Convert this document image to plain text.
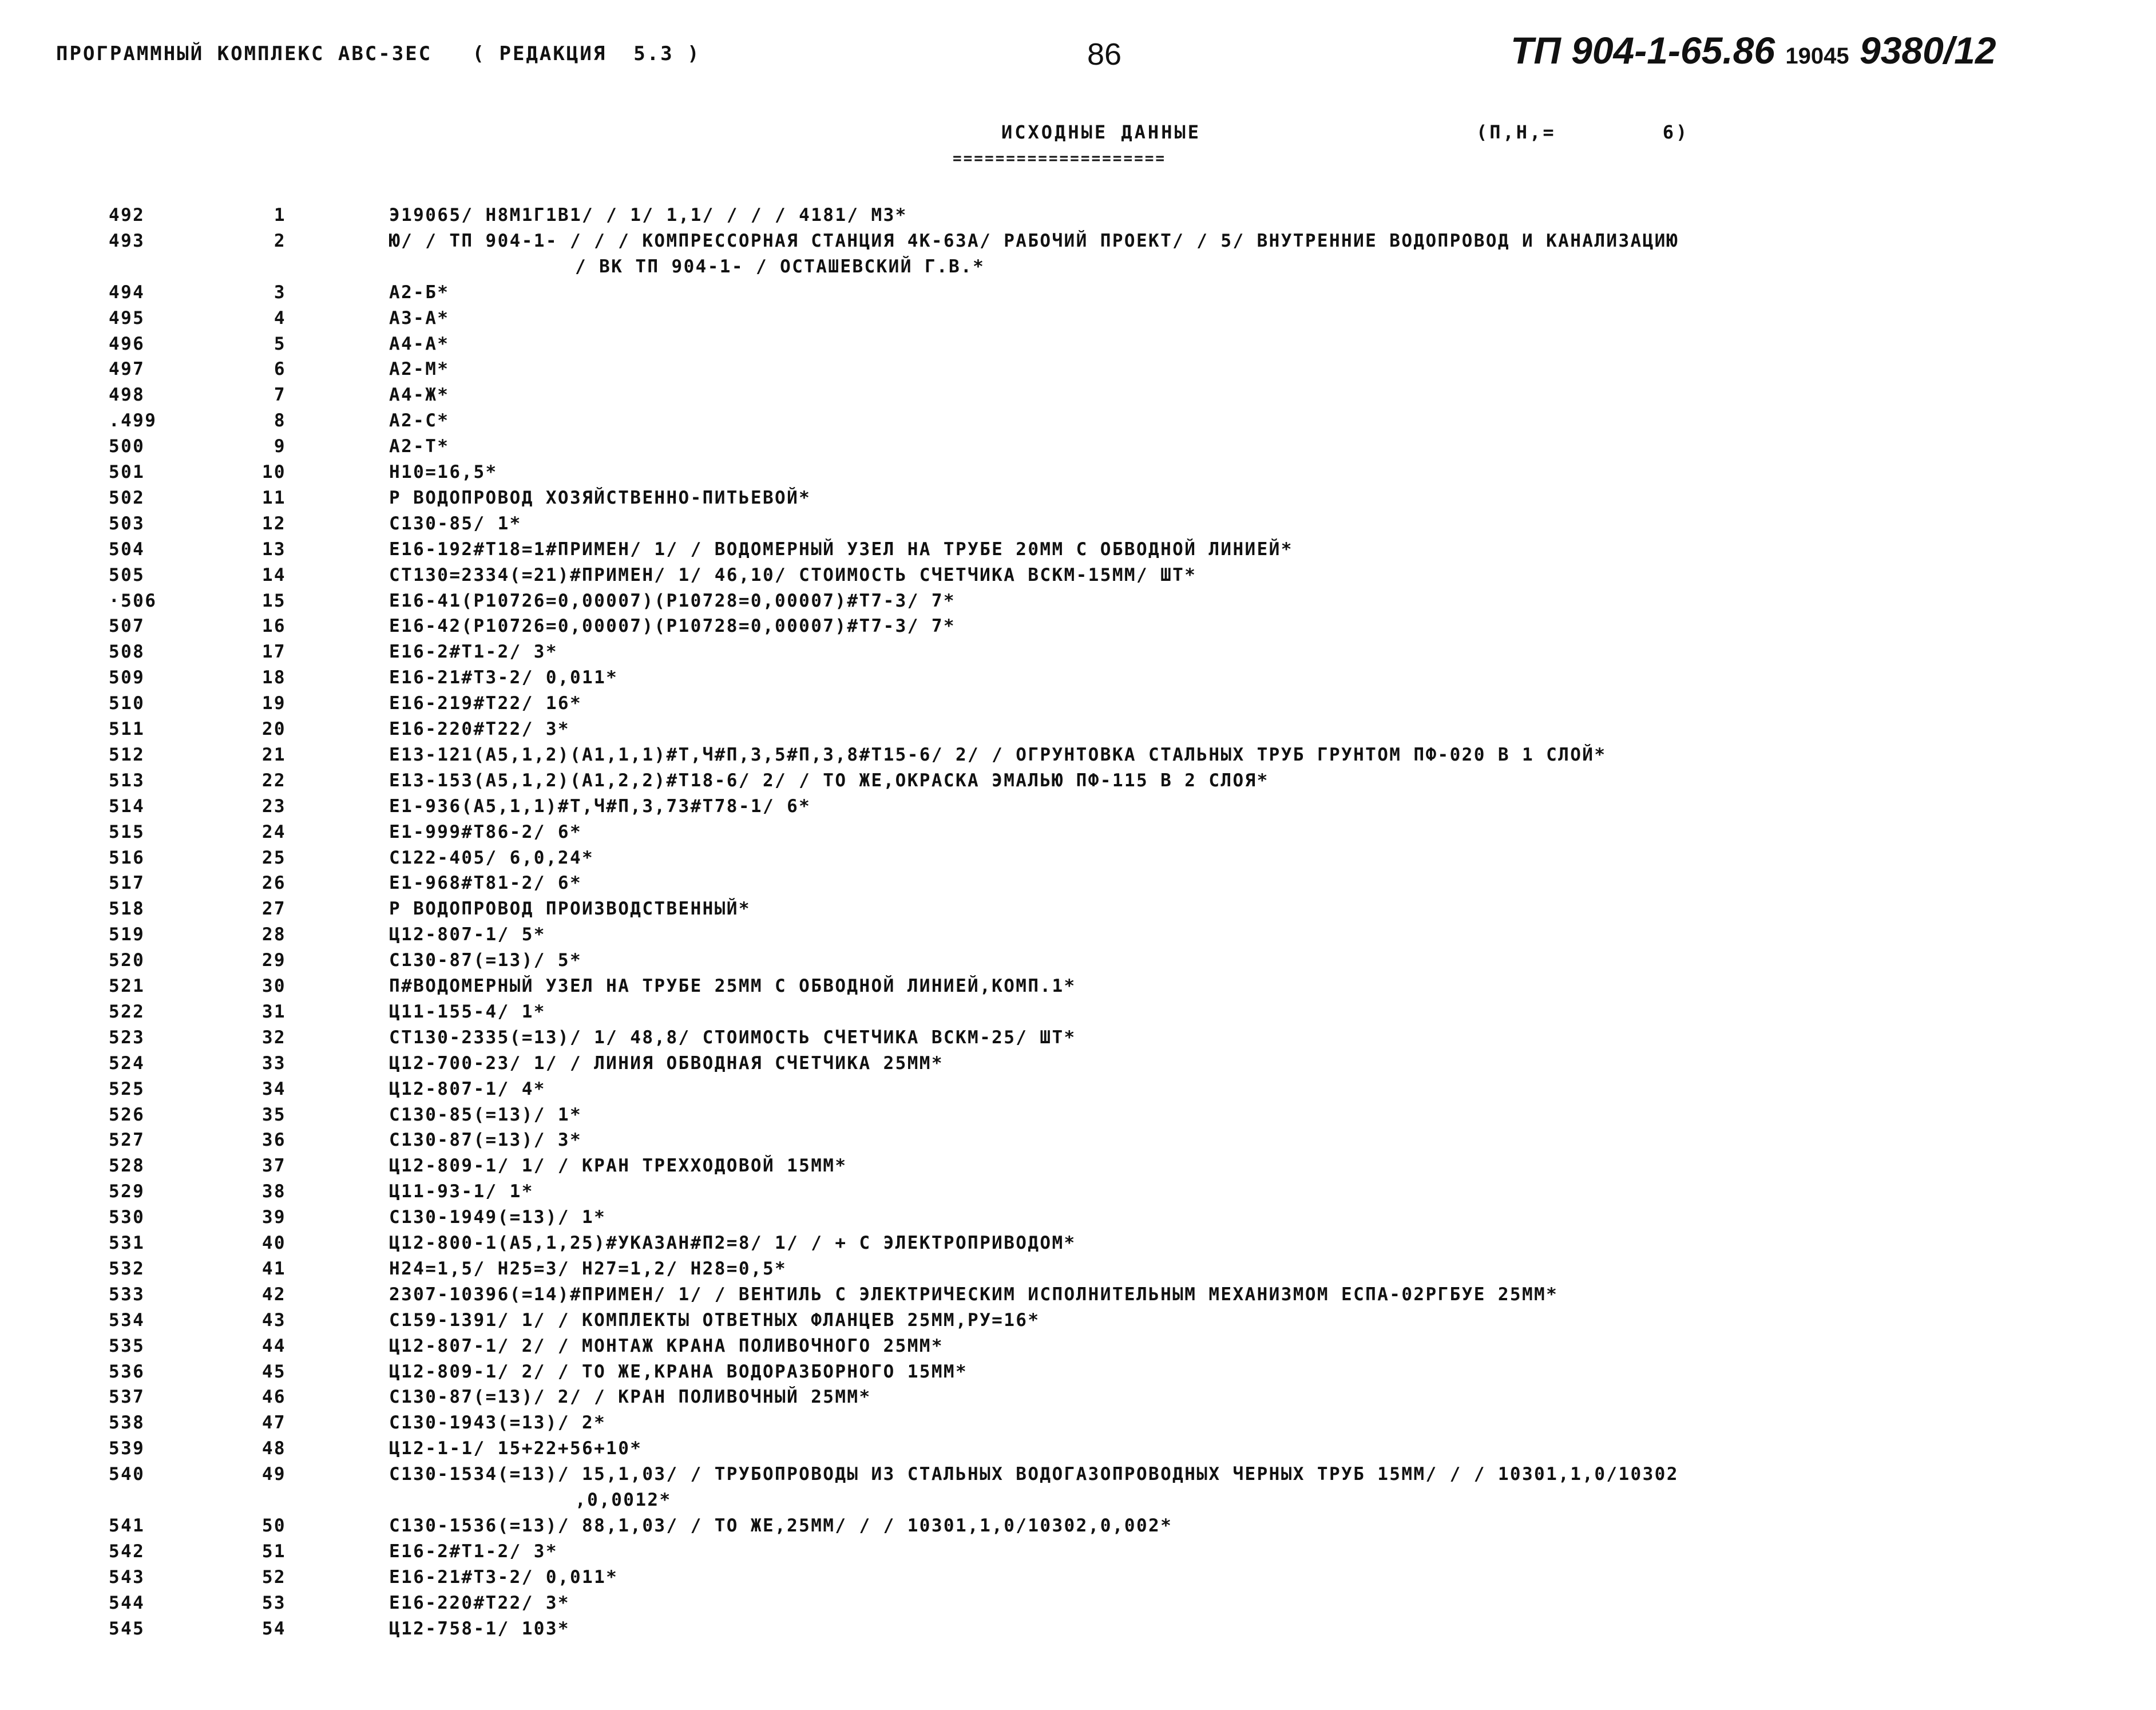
ПРОГРАММНЫЙ КОМПЛЕКС АВС-ЗЕС   ( РЕДАКЦИЯ  5.3 )	86	ТП 904-1-65.86 19045 9380/12
ИСХОДНЫЕ ДАННЫЕ
====================
(П,Н,=        6)
492	1	Э19065/ Н8М1Г1В1/ / 1/ 1,1/ / / / 4181/ М3*
493	2	Ю/ / ТП 904-1- / / / КОМПРЕССОРНАЯ СТАНЦИЯ 4К-63А/ РАБОЧИЙ ПРОЕКТ/ / 5/ ВНУТРЕННИЕ ВОДОПРОВОД И КАНАЛИЗАЦИЮ
/ ВК ТП 904-1- / ОСТАШЕВСКИЙ Г.В.*
494	3	А2-Б*
495	4	А3-А*
496	5	А4-А*
497	6	А2-М*
498	7	А4-Ж*
.499	8	А2-С*
500	9	А2-Т*
501	10	Н10=16,5*
502	11	Р ВОДОПРОВОД ХОЗЯЙСТВЕННО-ПИТЬЕВОЙ*
503	12	С130-85/ 1*
504	13	Е16-192#Т18=1#ПРИМЕН/ 1/ / ВОДОМЕРНЫЙ УЗЕЛ НА ТРУБЕ 20ММ С ОБВОДНОЙ ЛИНИЕЙ*
505	14	СТ130=2334(=21)#ПРИМЕН/ 1/ 46,10/ СТОИМОСТЬ СЧЕТЧИКА ВСКМ-15ММ/ ШТ*
·506	15	Е16-41(Р10726=0,00007)(Р10728=0,00007)#Т7-3/ 7*
507	16	Е16-42(Р10726=0,00007)(Р10728=0,00007)#Т7-3/ 7*
508	17	Е16-2#Т1-2/ 3*
509	18	Е16-21#Т3-2/ 0,011*
510	19	Е16-219#Т22/ 16*
511	20	Е16-220#Т22/ 3*
512	21	Е13-121(А5,1,2)(А1,1,1)#Т,Ч#П,3,5#П,3,8#Т15-6/ 2/ / ОГРУНТОВКА СТАЛЬНЫХ ТРУБ ГРУНТОМ ПФ-020 В 1 СЛОЙ*
513	22	Е13-153(А5,1,2)(А1,2,2)#Т18-6/ 2/ / ТО ЖЕ,ОКРАСКА ЭМАЛЬЮ ПФ-115 В 2 СЛОЯ*
514	23	Е1-936(А5,1,1)#Т,Ч#П,3,73#Т78-1/ 6*
515	24	Е1-999#Т86-2/ 6*
516	25	С122-405/ 6,0,24*
517	26	Е1-968#Т81-2/ 6*
518	27	Р ВОДОПРОВОД ПРОИЗВОДСТВЕННЫЙ*
519	28	Ц12-807-1/ 5*
520	29	С130-87(=13)/ 5*
521	30	П#ВОДОМЕРНЫЙ УЗЕЛ НА ТРУБЕ 25ММ С ОБВОДНОЙ ЛИНИЕЙ,КОМП.1*
522	31	Ц11-155-4/ 1*
523	32	СТ130-2335(=13)/ 1/ 48,8/ СТОИМОСТЬ СЧЕТЧИКА ВСКМ-25/ ШТ*
524	33	Ц12-700-23/ 1/ / ЛИНИЯ ОБВОДНАЯ СЧЕТЧИКА 25ММ*
525	34	Ц12-807-1/ 4*
526	35	С130-85(=13)/ 1*
527	36	С130-87(=13)/ 3*
528	37	Ц12-809-1/ 1/ / КРАН ТРЕХХОДОВОЙ 15ММ*
529	38	Ц11-93-1/ 1*
530	39	С130-1949(=13)/ 1*
531	40	Ц12-800-1(А5,1,25)#УКАЗАН#П2=8/ 1/ / + С ЭЛЕКТРОПРИВОДОМ*
532	41	Н24=1,5/ Н25=3/ Н27=1,2/ Н28=0,5*
533	42	2307-10396(=14)#ПРИМЕН/ 1/ / ВЕНТИЛЬ С ЭЛЕКТРИЧЕСКИМ ИСПОЛНИТЕЛЬНЫМ МЕХАНИЗМОМ ЕСПА-02РГБУЕ 25ММ*
534	43	С159-1391/ 1/ / КОМПЛЕКТЫ ОТВЕТНЫХ ФЛАНЦЕВ 25ММ,РУ=16*
535	44	Ц12-807-1/ 2/ / МОНТАЖ КРАНА ПОЛИВОЧНОГО 25ММ*
536	45	Ц12-809-1/ 2/ / ТО ЖЕ,КРАНА ВОДОРАЗБОРНОГО 15ММ*
537	46	С130-87(=13)/ 2/ / КРАН ПОЛИВОЧНЫЙ 25ММ*
538	47	С130-1943(=13)/ 2*
539	48	Ц12-1-1/ 15+22+56+10*
540	49	С130-1534(=13)/ 15,1,03/ / ТРУБОПРОВОДЫ ИЗ СТАЛЬНЫХ ВОДОГАЗОПРОВОДНЫХ ЧЕРНЫХ ТРУБ 15ММ/ / / 10301,1,0/10302
,0,0012*
541	50	С130-1536(=13)/ 88,1,03/ / ТО ЖЕ,25ММ/ / / 10301,1,0/10302,0,002*
542	51	Е16-2#Т1-2/ 3*
543	52	Е16-21#Т3-2/ 0,011*
544	53	Е16-220#Т22/ 3*
545	54	Ц12-758-1/ 103*
